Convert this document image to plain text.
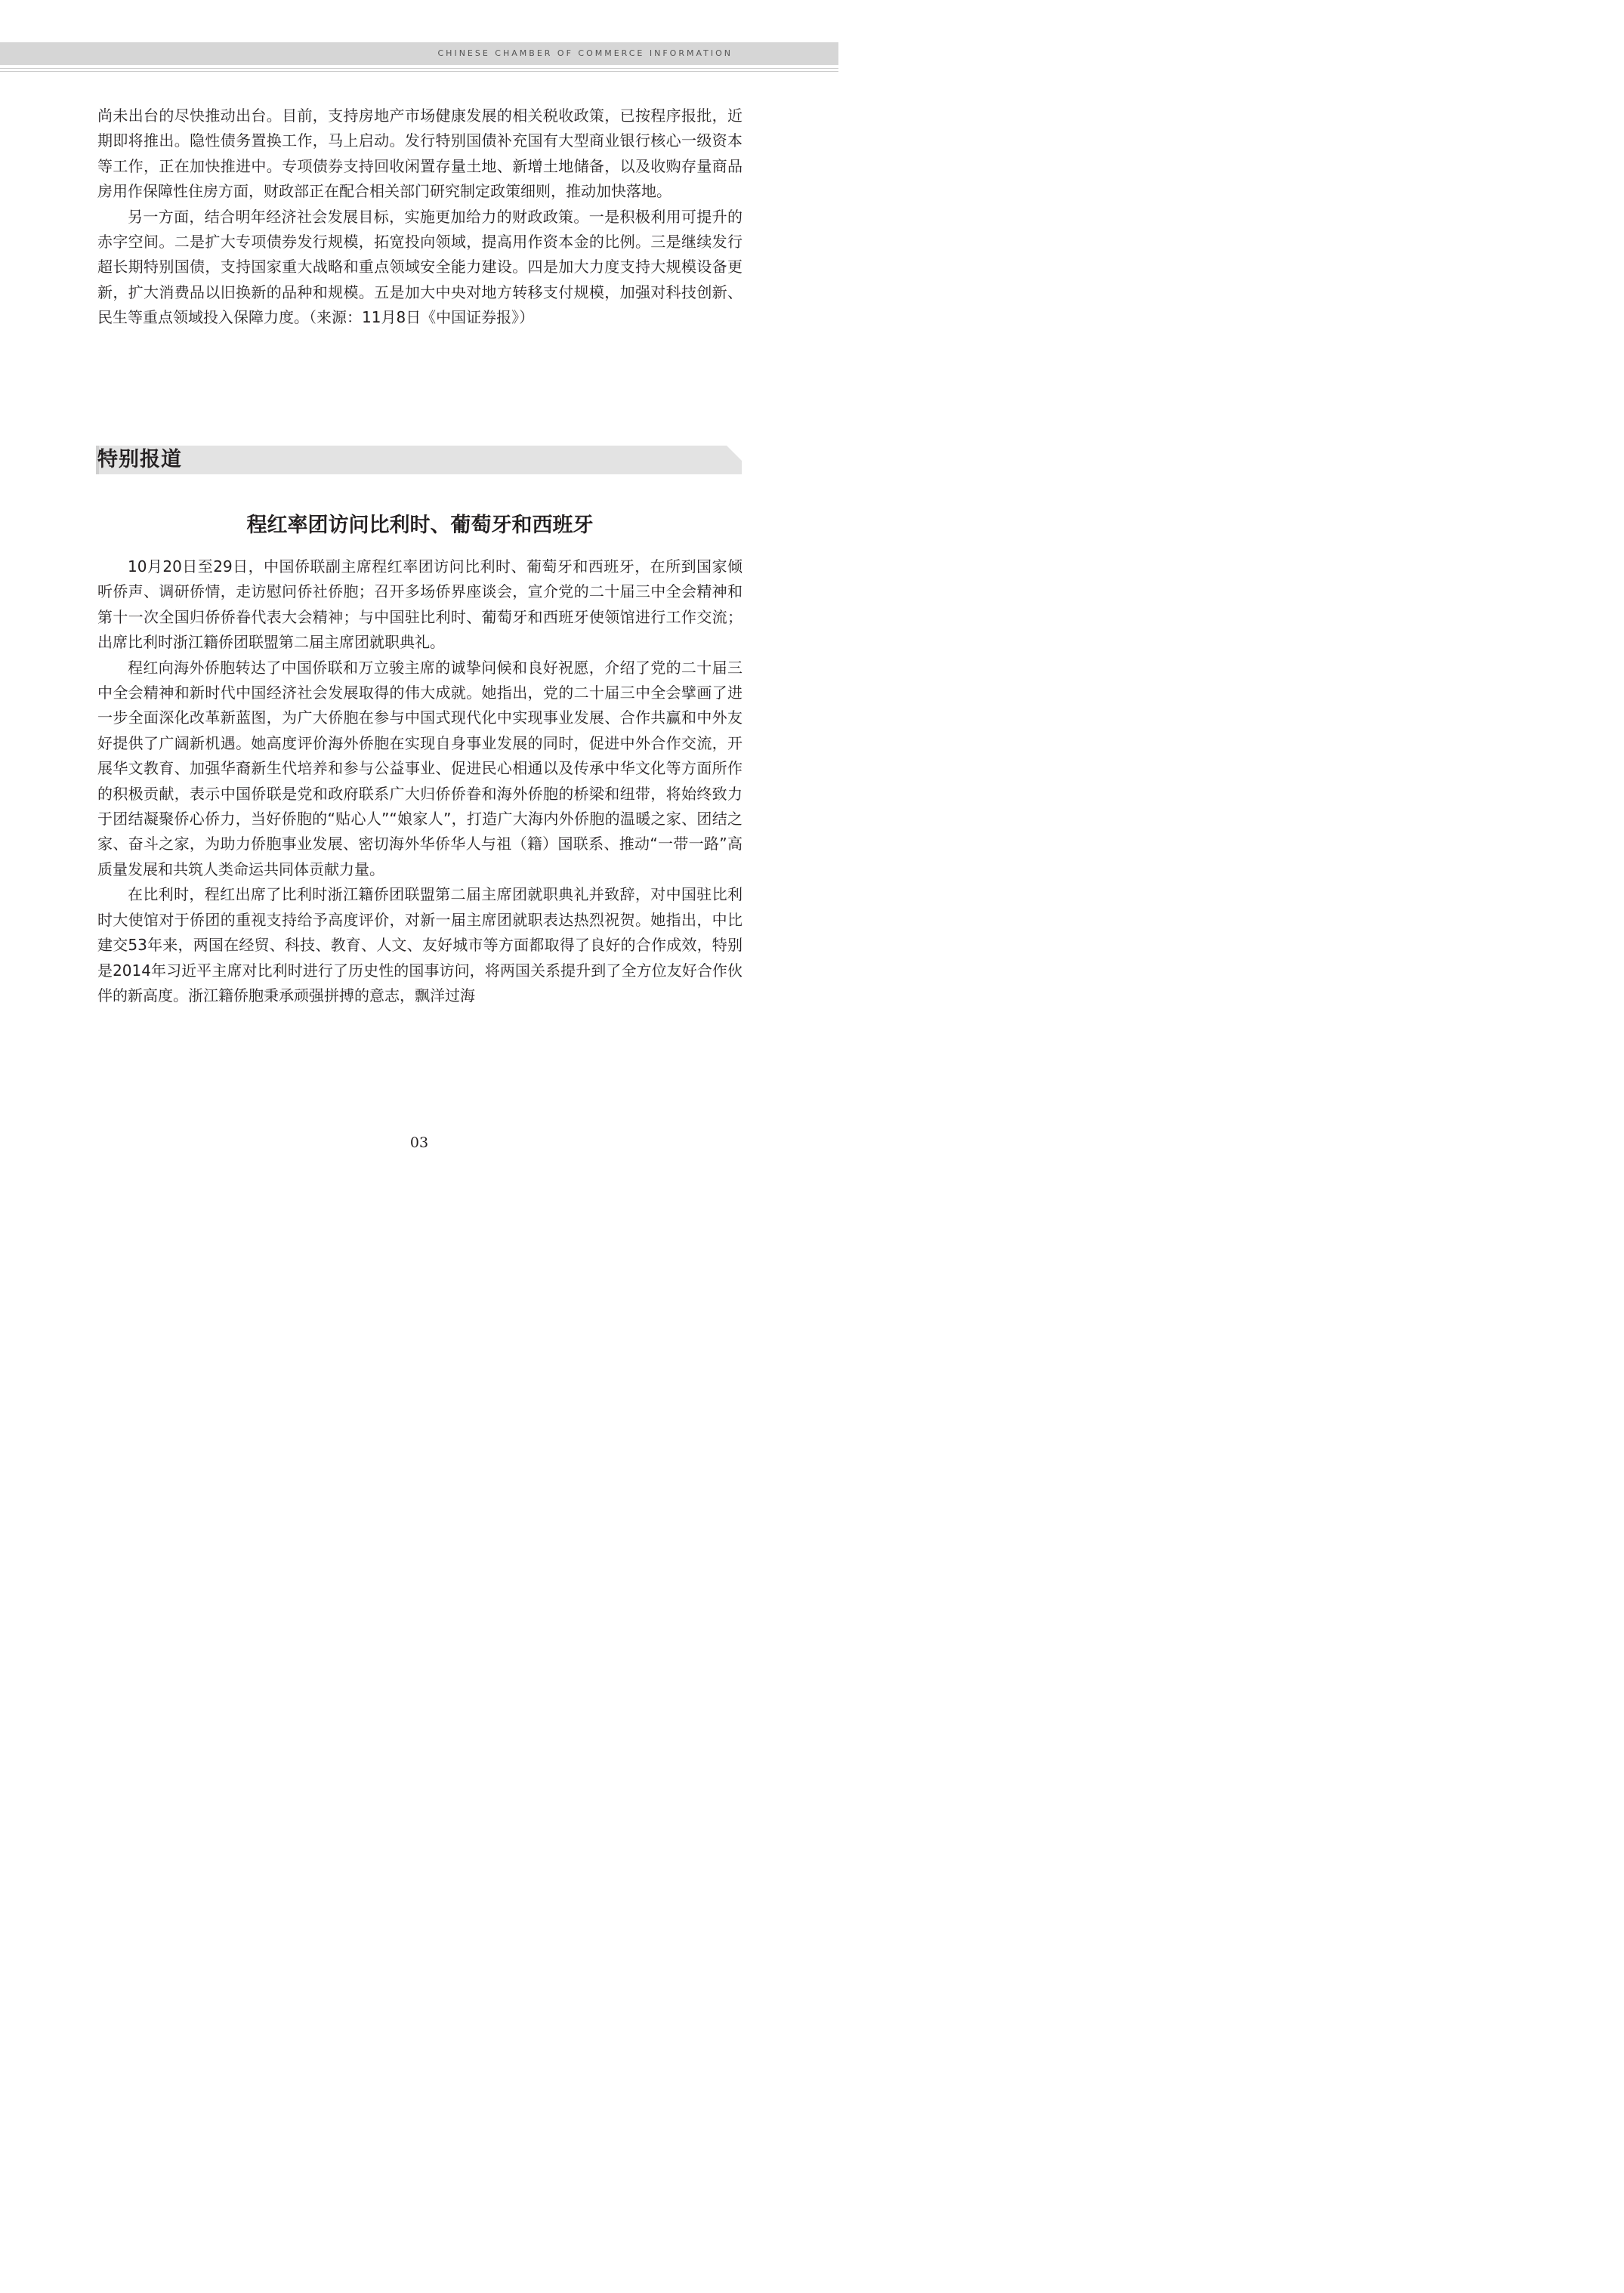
CHINESE CHAMBER OF COMMERCE INFORMATION

尚未出台的尽快推动出台。目前，支持房地产市场健康发展的相关税收政策，已按程序报批，近期即将推出。隐性债务置换工作，马上启动。发行特别国债补充国有大型商业银行核心一级资本等工作，正在加快推进中。专项债券支持回收闲置存量土地、新增土地储备，以及收购存量商品房用作保障性住房方面，财政部正在配合相关部门研究制定政策细则，推动加快落地。

另一方面，结合明年经济社会发展目标，实施更加给力的财政政策。一是积极利用可提升的赤字空间。二是扩大专项债券发行规模，拓宽投向领域，提高用作资本金的比例。三是继续发行超长期特别国债，支持国家重大战略和重点领域安全能力建设。四是加大力度支持大规模设备更新，扩大消费品以旧换新的品种和规模。五是加大中央对地方转移支付规模，加强对科技创新、民生等重点领域投入保障力度。（来源：11月8日《中国证券报》）

特别报道
程红率团访问比利时、葡萄牙和西班牙

10月20日至29日，中国侨联副主席程红率团访问比利时、葡萄牙和西班牙，在所到国家倾听侨声、调研侨情，走访慰问侨社侨胞；召开多场侨界座谈会，宣介党的二十届三中全会精神和第十一次全国归侨侨眷代表大会精神；与中国驻比利时、葡萄牙和西班牙使领馆进行工作交流；出席比利时浙江籍侨团联盟第二届主席团就职典礼。

程红向海外侨胞转达了中国侨联和万立骏主席的诚挚问候和良好祝愿，介绍了党的二十届三中全会精神和新时代中国经济社会发展取得的伟大成就。她指出，党的二十届三中全会擘画了进一步全面深化改革新蓝图，为广大侨胞在参与中国式现代化中实现事业发展、合作共赢和中外友好提供了广阔新机遇。她高度评价海外侨胞在实现自身事业发展的同时，促进中外合作交流，开展华文教育、加强华裔新生代培养和参与公益事业、促进民心相通以及传承中华文化等方面所作的积极贡献，表示中国侨联是党和政府联系广大归侨侨眷和海外侨胞的桥梁和纽带，将始终致力于团结凝聚侨心侨力，当好侨胞的“贴心人”“娘家人”，打造广大海内外侨胞的温暖之家、团结之家、奋斗之家，为助力侨胞事业发展、密切海外华侨华人与祖（籍）国联系、推动“一带一路”高质量发展和共筑人类命运共同体贡献力量。

在比利时，程红出席了比利时浙江籍侨团联盟第二届主席团就职典礼并致辞，对中国驻比利时大使馆对于侨团的重视支持给予高度评价，对新一届主席团就职表达热烈祝贺。她指出，中比建交53年来，两国在经贸、科技、教育、人文、友好城市等方面都取得了良好的合作成效，特别是2014年习近平主席对比利时进行了历史性的国事访问，将两国关系提升到了全方位友好合作伙伴的新高度。浙江籍侨胞秉承顽强拼搏的意志，飘洋过海

03
